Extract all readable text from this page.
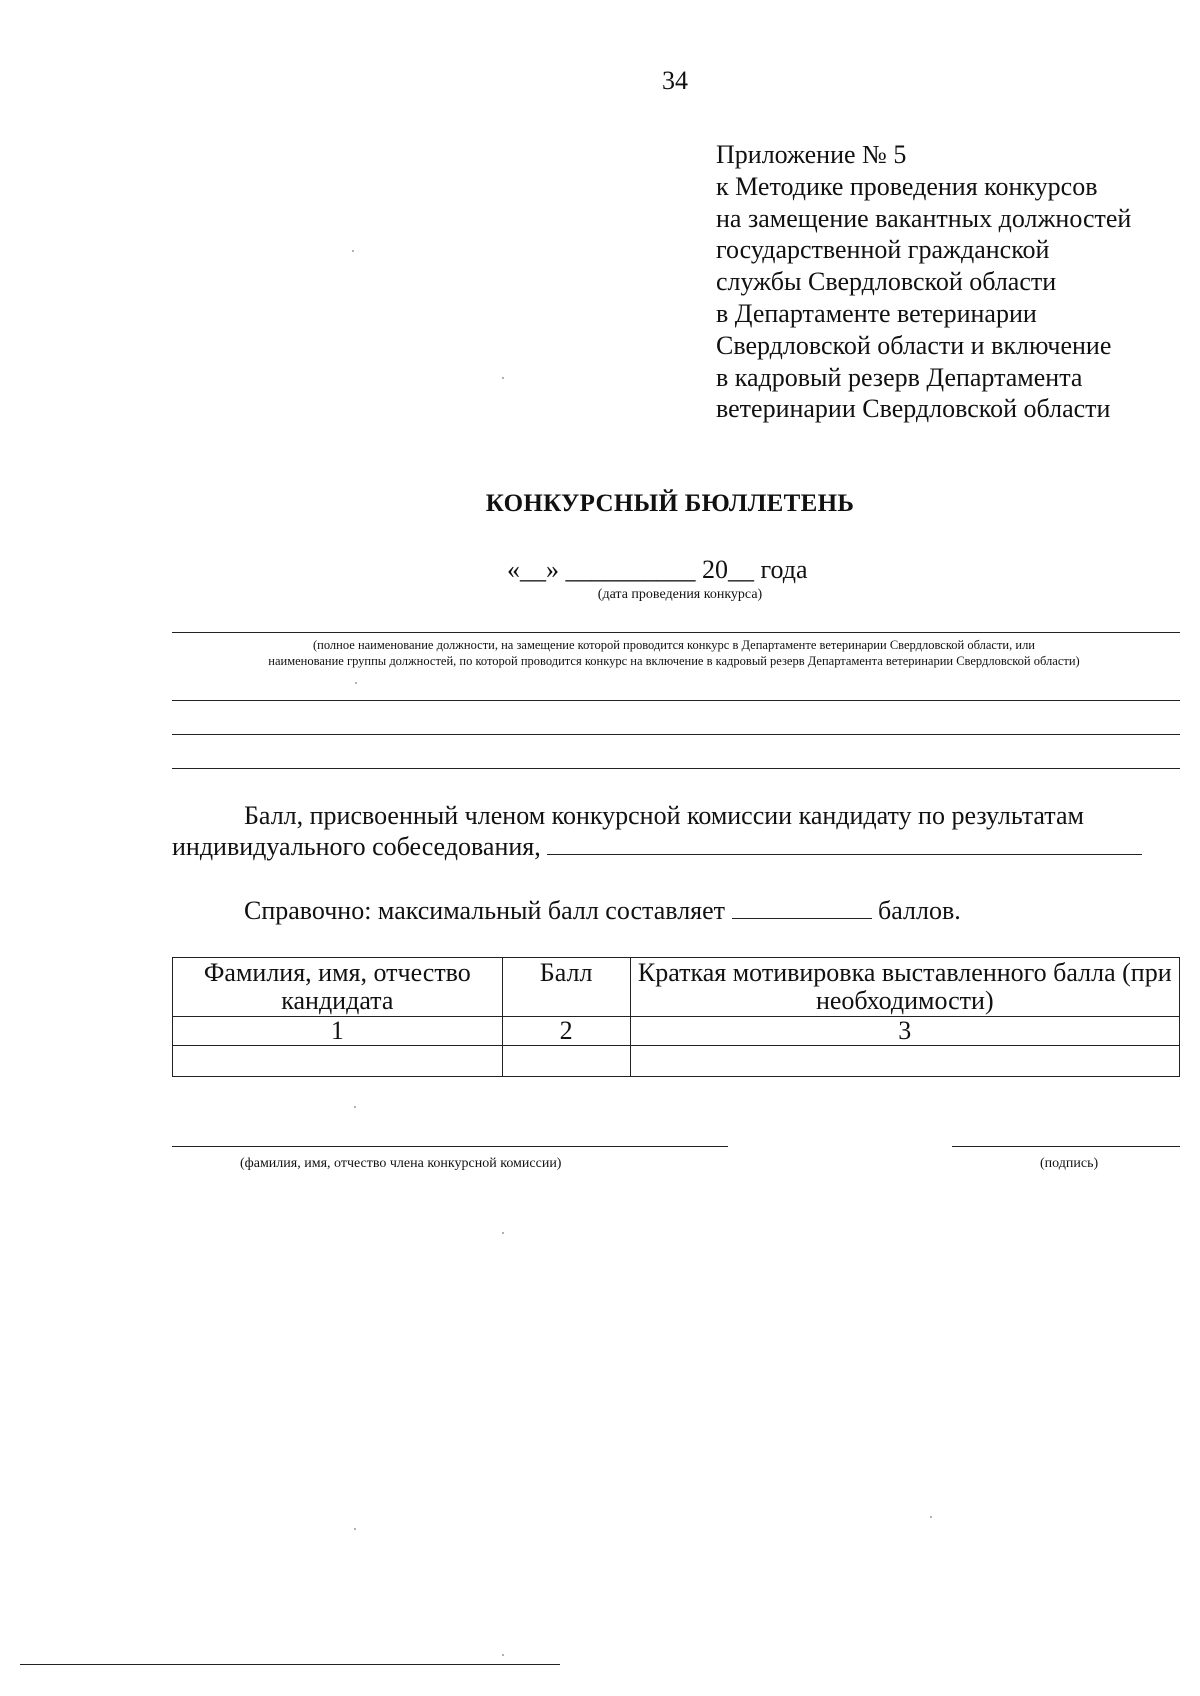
34
Приложение № 5
к Методике проведения конкурсов
на замещение вакантных должностей
государственной гражданской
службы Свердловской области
в Департаменте ветеринарии
Свердловской области и включение
в кадровый резерв Департамента
ветеринарии Свердловской области
КОНКУРСНЫЙ БЮЛЛЕТЕНЬ
«__» __________ 20__ года
(дата проведения конкурса)
(полное наименование должности, на замещение которой проводится конкурс в Департаменте ветеринарии Свердловской области, или
наименование группы должностей, по которой проводится конкурс на включение в кадровый резерв Департамента ветеринарии Свердловской области)
Балл, присвоенный членом конкурсной комиссии кандидату по результатам
индивидуального собеседования,
Справочно: максимальный балл составляет	баллов.
Фамилия, имя, отчество кандидата	Балл	Краткая мотивировка выставленного балла (при необходимости)
1	2	3

(фамилия, имя, отчество члена конкурсной комиссии)	(подпись)
